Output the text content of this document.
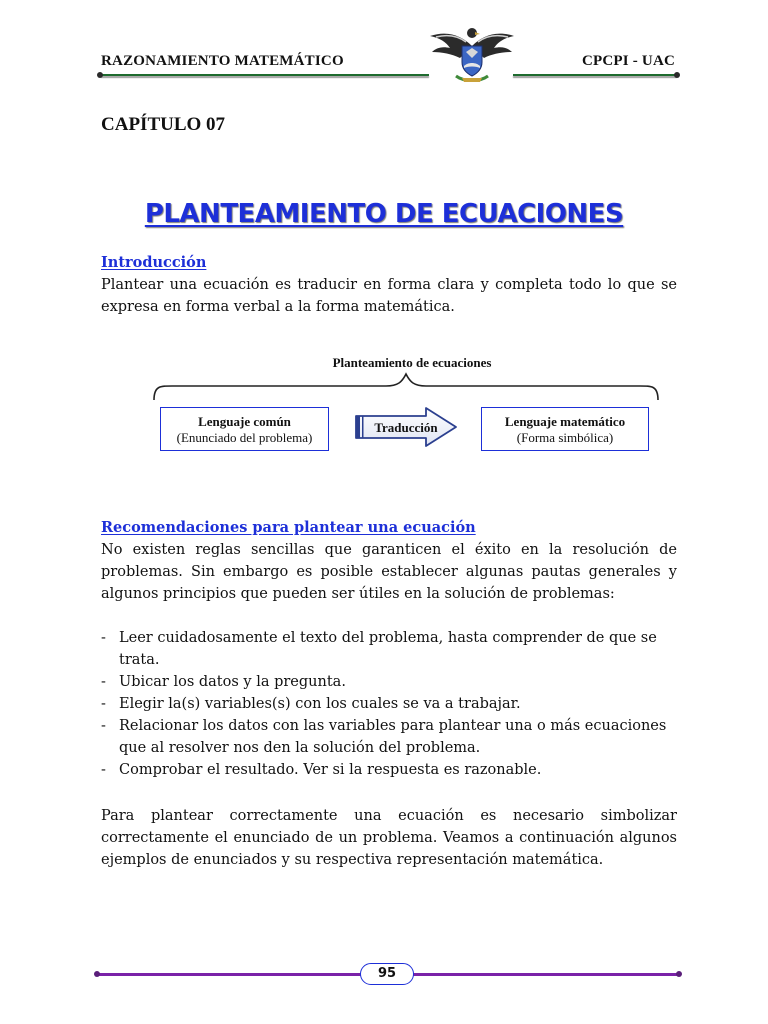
RAZONAMIENTO MATEMÁTICO	CPCPI - UAC
CAPÍTULO 07
PLANTEAMIENTO DE ECUACIONES
Introducción
Plantear una ecuación es traducir en forma clara y completa todo lo que se expresa en forma verbal a la forma matemática.
Planteamiento de ecuaciones
Lenguaje común
(Enunciado del problema)
Traducción	Lenguaje matemático
(Forma simbólica)
Recomendaciones para plantear una ecuación
No existen reglas sencillas que garanticen el éxito en la resolución de problemas. Sin embargo es posible establecer algunas pautas generales y algunos principios que pueden ser útiles en la solución de problemas:
- Leer cuidadosamente el texto del problema, hasta comprender de que se trata.
- Ubicar los datos y la pregunta.
- Elegir la(s) variables(s) con los cuales se va a trabajar.
- Relacionar los datos con las variables para plantear una o más ecuaciones que al resolver nos den la solución del problema.
- Comprobar el resultado. Ver si la respuesta es razonable.
Para plantear correctamente una ecuación es necesario simbolizar correctamente el enunciado de un problema. Veamos a continuación algunos ejemplos de enunciados y su respectiva representación matemática.
95
